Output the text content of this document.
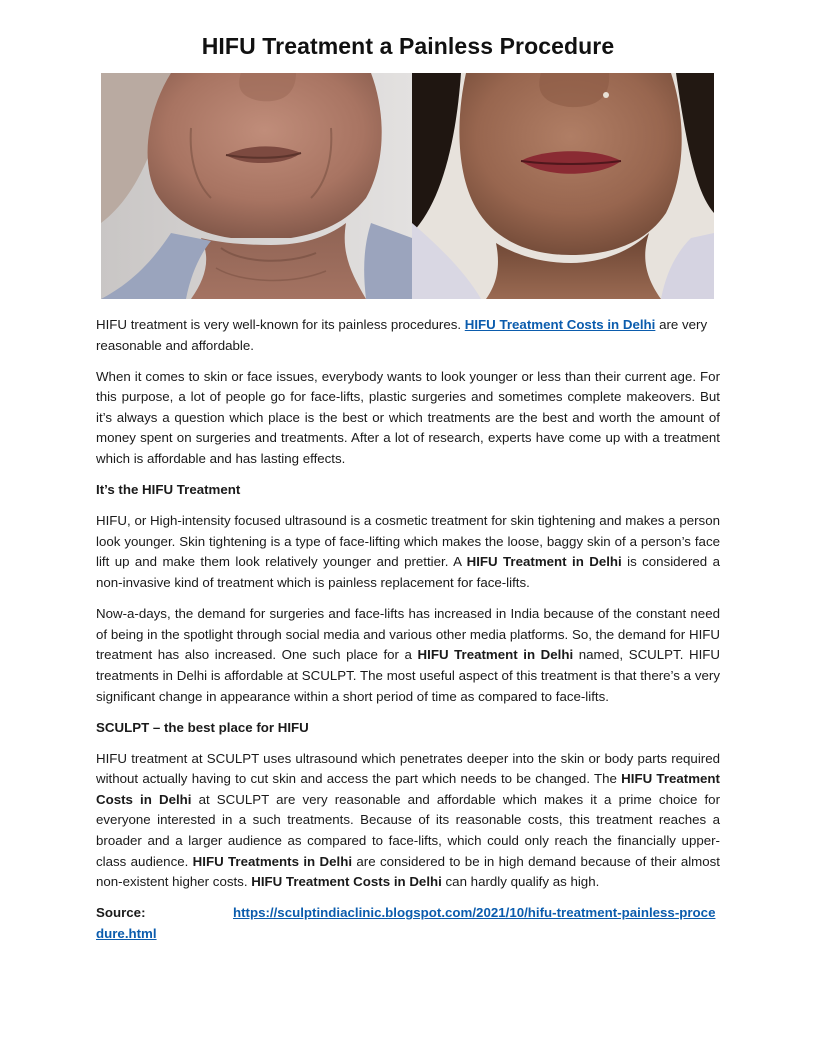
HIFU Treatment a Painless Procedure

HIFU treatment is very well-known for its painless procedures. HIFU Treatment Costs in Delhi are very reasonable and affordable.

When it comes to skin or face issues, everybody wants to look younger or less than their current age. For this purpose, a lot of people go for face-lifts, plastic surgeries and sometimes complete makeovers. But it’s always a question which place is the best or which treatments are the best and worth the amount of money spent on surgeries and treatments. After a lot of research, experts have come up with a treatment which is affordable and has lasting effects.

It’s the HIFU Treatment

HIFU, or High-intensity focused ultrasound is a cosmetic treatment for skin tightening and makes a person look younger. Skin tightening is a type of face-lifting which makes the loose, baggy skin of a person’s face lift up and make them look relatively younger and prettier. A HIFU Treatment in Delhi is considered a non-invasive kind of treatment which is painless replacement for face-lifts.

Now-a-days, the demand for surgeries and face-lifts has increased in India because of the constant need of being in the spotlight through social media and various other media platforms. So, the demand for HIFU treatment has also increased. One such place for a HIFU Treatment in Delhi named, SCULPT. HIFU treatments in Delhi is affordable at SCULPT. The most useful aspect of this treatment is that there’s a very significant change in appearance within a short period of time as compared to face-lifts.

SCULPT – the best place for HIFU

HIFU treatment at SCULPT uses ultrasound which penetrates deeper into the skin or body parts required without actually having to cut skin and access the part which needs to be changed. The HIFU Treatment Costs in Delhi at SCULPT are very reasonable and affordable which makes it a prime choice for everyone interested in a such treatments. Because of its reasonable costs, this treatment reaches a broader and a larger audience as compared to face-lifts, which could only reach the financially upper-class audience. HIFU Treatments in Delhi are considered to be in high demand because of their almost non-existent higher costs. HIFU Treatment Costs in Delhi can hardly qualify as high.

Source:	https://sculptindiaclinic.blogspot.com/2021/10/hifu-treatment-painless-procedure.html
